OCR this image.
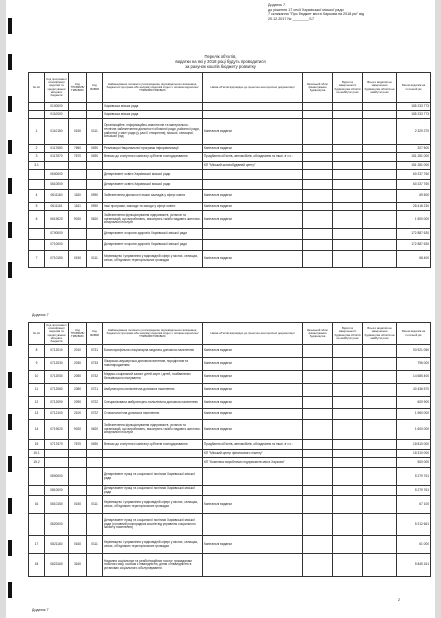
Додаток 7
до рішення 17 сесії Харківської міської ради
7 скликання "Про бюджет міста Харкова на 2018 рік" від
20.12.2017 № ________/17
Перелік об'єктів,
видатки на які у 2018 році будуть проводитися
за рахунок коштів бюджету розвитку
№ з/п	Код програмної класифікації видатків та кредитування місцевих бюджетів	Код ТПКВКМБ/ТКВКБМС	Код ФКВКБ	Найменування головного розпорядника, відповідального виконавця, бюджетної програми або напряму видатків згідно з типовою відомчою/ТПКВКМБ/ТКВКБМС	Назва об'єктів відповідно до проектно-кошторисної документації	Загальний обсяг фінансування будівництва	Відсоток завершеності будівництва об'єктів на майбутні роки	Всього видатків на завершення будівництва об'єктів на майбутні роки	Разом видатків на поточний рік
	0100000			Харківська міська рада					155 233 773
	0110000			Харківська міська рада					155 233 773
1	0110150	0150	0111	Організаційне, інформаційно-аналітичне та матеріально-технічне забезпечення діяльності обласної ради, районної ради, районної у місті ради (у разі її створення), міської, селищної, сільської рад	Капітальні видатки				2 329 270
2	0117650	7650	0490	Реалізація Національної програми інформатизації	Капітальні видатки				207 500
3	0117670	7670	0490	Внески до статутного капіталу суб'єктів господарювання	Придбання об'єктів, автомобілів, обладнання та інше, в т.ч.:				151 281 000
3.1					КП "Міський шляхобудівний центр"				151 281 000
	0600000			Департамент освіти Харківської міської ради					60 237 760
	0610000			Департамент освіти Харківської міської ради					60 237 760
4	0611160	1160	0990	Забезпечення діяльності інших закладів у сфері освіти	Капітальні видатки				69 500
5	0611161	1161	0990	Інші програми, заклади та заходи у сфері освіти	Капітальні видатки				28 418 230
6	0619020	9020	0620	Забезпечення функціонування підприємств, установ та організацій, що виробляють, виконують та/або надають житлово-комунальні послуги	Капітальні видатки				1 500 000
	0700000			Департамент охорони здоров'я Харківської міської ради					172 887 630
	0710000			Департамент охорони здоров'я Харківської міської ради					172 887 630
7	0710150	0150	0111	Керівництво і управління у відповідній сфері у містах, селищах, селах, об'єднаних територіальних громадах	Капітальні видатки				68 400
Додаток 7
№ з/п	Код програмної класифікації видатків та кредитування місцевих бюджетів	Код ТПКВКМБ/ТКВКБМС	Код ФКВКБ	Найменування головного розпорядника, відповідального виконавця, бюджетної програми або напряму видатків згідно з типовою відомчою/ТПКВКМБ/ТКВКБМС	Назва об'єктів відповідно до проектно-кошторисної документації	Загальний обсяг фінансування будівництва	Відсоток завершеності будівництва об'єктів на майбутні роки	Всього видатків на завершення будівництва об'єктів на майбутні роки	Разом видатків на поточний рік
8	0712010	2010	0731	Багатопрофільна стаціонарна медична допомога населенню	Капітальні видатки				93 921 050
9	0712030	2030	0733	Лікарсько-акушерська допомога вагітним, породіллям та новонародженим	Капітальні видатки				796 000
10	0712050	2050	0732	Медико-соціальний захист дітей-сиріт і дітей, позбавлених батьківського піклування	Капітальні видатки				14 685 400
11	0712080	2080	0721	Амбулаторно-поліклінічна допомога населенню	Капітальні видатки				40 436 570
12	0712090	2090	0722	Спеціалізована амбулаторно-поліклінічна допомога населенню	Капітальні видатки				609 900
13	0712100	2100	0722	Стоматологічна допомога населенню	Капітальні видатки				1 960 000
14	0719020	9020	0620	Забезпечення функціонування підприємств, установ та організацій, що виробляють, виконують та/або надають житлово-комунальні послуги	Капітальні видатки				1 600 000
15	0717670	7670	0490	Внески до статутного капіталу суб'єктів господарювання	Придбання об'єктів, автомобілів, обладнання та інше, в т.ч.:				18 810 000
15.1					КП "Міський центр фінансового лізингу"				18 310 000
15.2					КП "Комплекс виробничих підприємств міста Харкова"				500 000
	0800000			Департамент праці та соціальної політики Харківської міської ради					5 279 761
	0810000			Департамент праці та соціальної політики Харківської міської ради					5 279 761
16	0810150	0150	0111	Керівництво і управління у відповідній сфері у містах, селищах, селах, об'єднаних територіальних громадах	Капітальні видатки				67 100
	0820000			Департамент праці та соціальної політики Харківської міської ради (головний розпорядник коштів від управлінь соціального захисту населення)					5 212 661
17	0821160	0160	0111	Керівництво і управління у відповідній сфері у містах, селищах, селах, об'єднаних територіальних громадах	Капітальні видатки				61 000
18	0823160	3160		Надання соціальних та реабілітаційних послуг громадянам похилого віку, особам з інвалідністю, дітям з інвалідністю в установах соціального обслуговування					5 845 161
Додаток 7
2
